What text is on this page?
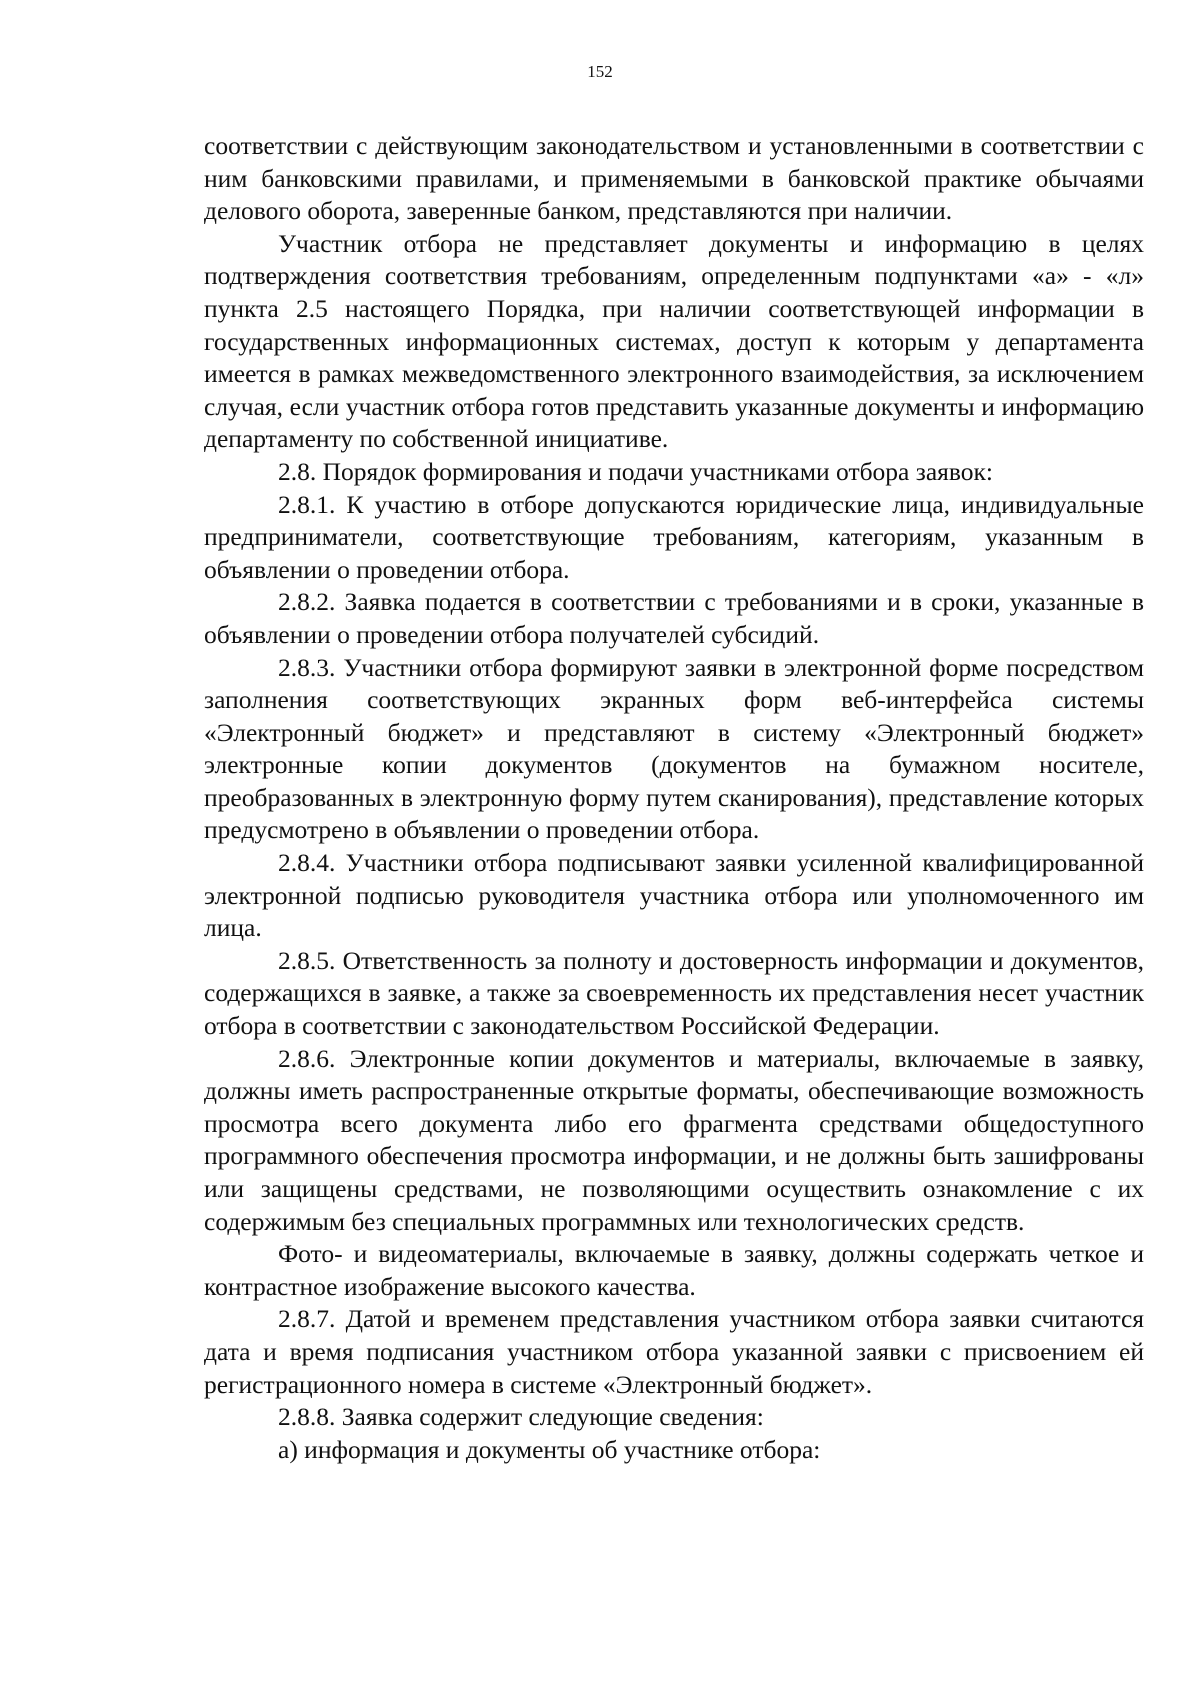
152

соответствии с действующим законодательством и установленными в соответствии с ним банковскими правилами, и применяемыми в банковской практике обычаями делового оборота, заверенные банком, представляются при наличии.

Участник отбора не представляет документы и информацию в целях подтверждения соответствия требованиям, определенным подпунктами «а» - «л» пункта 2.5 настоящего Порядка, при наличии соответствующей информации в государственных информационных системах, доступ к которым у департамента имеется в рамках межведомственного электронного взаимодействия, за исключением случая, если участник отбора готов представить указанные документы и информацию департаменту по собственной инициативе.

2.8. Порядок формирования и подачи участниками отбора заявок:

2.8.1. К участию в отборе допускаются юридические лица, индивидуальные предприниматели, соответствующие требованиям, категориям, указанным в объявлении о проведении отбора.

2.8.2. Заявка подается в соответствии с требованиями и в сроки, указанные в объявлении о проведении отбора получателей субсидий.

2.8.3. Участники отбора формируют заявки в электронной форме посредством заполнения соответствующих экранных форм веб-интерфейса системы «Электронный бюджет» и представляют в систему «Электронный бюджет» электронные копии документов (документов на бумажном носителе, преобразованных в электронную форму путем сканирования), представление которых предусмотрено в объявлении о проведении отбора.

2.8.4. Участники отбора подписывают заявки усиленной квалифицированной электронной подписью руководителя участника отбора или уполномоченного им лица.

2.8.5. Ответственность за полноту и достоверность информации и документов, содержащихся в заявке, а также за своевременность их представления несет участник отбора в соответствии с законодательством Российской Федерации.

2.8.6. Электронные копии документов и материалы, включаемые в заявку, должны иметь распространенные открытые форматы, обеспечивающие возможность просмотра всего документа либо его фрагмента средствами общедоступного программного обеспечения просмотра информации, и не должны быть зашифрованы или защищены средствами, не позволяющими осуществить ознакомление с их содержимым без специальных программных или технологических средств.

Фото- и видеоматериалы, включаемые в заявку, должны содержать четкое и контрастное изображение высокого качества.

2.8.7. Датой и временем представления участником отбора заявки считаются дата и время подписания участником отбора указанной заявки с присвоением ей регистрационного номера в системе «Электронный бюджет».

2.8.8. Заявка содержит следующие сведения:

а) информация и документы об участнике отбора:
